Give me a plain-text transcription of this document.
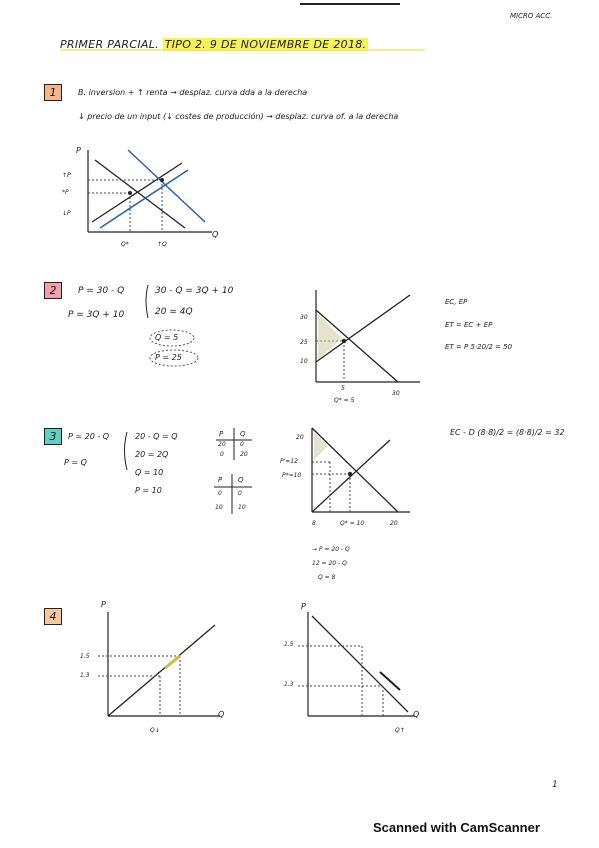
MICRO ACC.
PRIMER PARCIAL. TIPO 2. 9 DE NOVIEMBRE DE 2018.
1	B. inversion + ↑ renta → desplaz. curva dda a la derecha
↓ precio de un input (↓ costes de producción) → desplaz. curva of. a la derecha
P
Q
↑P
*P
↓P
Q*	↑Q
2	P = 30 - Q
P = 3Q + 10
30 - Q = 3Q + 10
20 = 4Q
Q = 5
P = 25
30
25
10
5
30
Q* = 5
EC, EP
ET = EC + EP
ET = P 5·20/2 = 50
3	P = 20 - Q
P = Q
20 - Q = Q
20 = 2Q
Q = 10
P = 10
P Q
20 0
0	20
P Q
0	0
10	10
20
P'=12
P*=10
8	Q* = 10	20
→ P = 20 - Q
12 = 20 - Q
Q = 8
EC - D (8·8)/2 = (8·8)/2 = 32
4
P
Q
1.5
1.3
Q↓
P
Q
1.5
1.3
Q↑
1
Scanned with CamScanner
